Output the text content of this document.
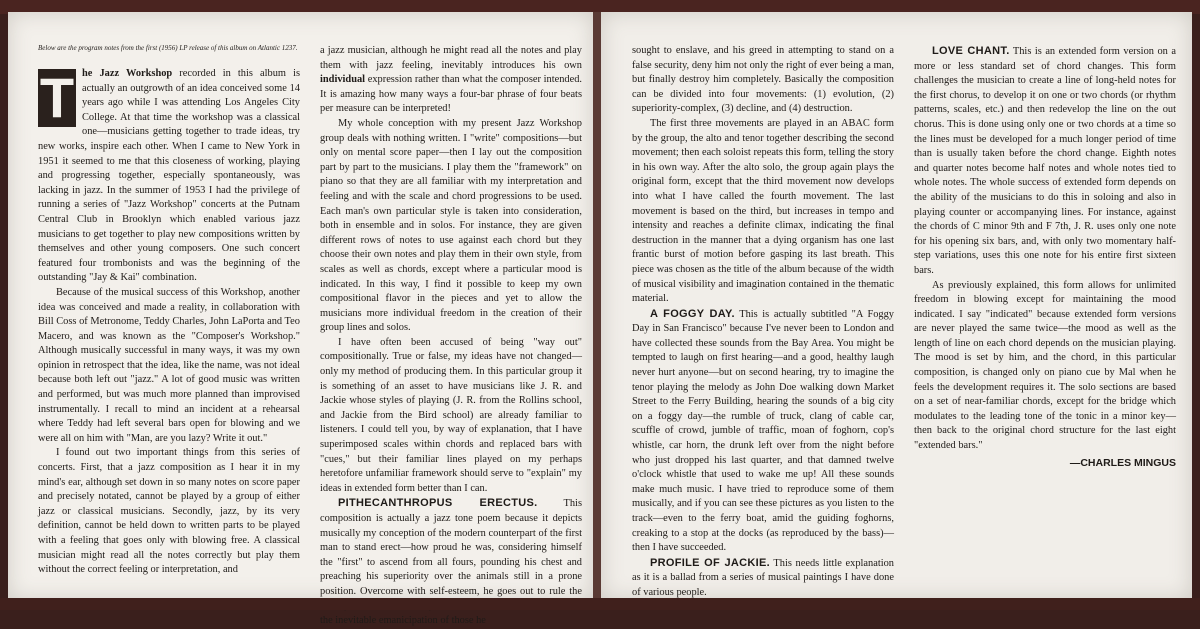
Below are the program notes from the first (1956) LP release of this album on Atlantic 1237.

T he Jazz Workshop recorded in this album is actually an outgrowth of an idea conceived some 14 years ago while I was attending Los Angeles City College. At that time the workshop was a classical one—musicians getting together to trade ideas, try new works, inspire each other. When I came to New York in 1951 it seemed to me that this closeness of working, playing and progressing together, especially spontaneously, was lacking in jazz. In the summer of 1953 I had the privilege of running a series of "Jazz Workshop" concerts at the Putnam Central Club in Brooklyn which enabled various jazz musicians to get together to play new compositions written by themselves and other young composers. One such concert featured four trombonists and was the beginning of the outstanding "Jay & Kai" combination.

Because of the musical success of this Workshop, another idea was conceived and made a reality, in collaboration with Bill Coss of Metronome, Teddy Charles, John LaPorta and Teo Macero, and was known as the "Composer's Workshop." Although musically successful in many ways, it was my own opinion in retrospect that the idea, like the name, was not ideal because both left out "jazz." A lot of good music was written and performed, but was much more planned than improvised instrumentally. I recall to mind an incident at a rehearsal where Teddy had left several bars open for blowing and we were all on him with "Man, are you lazy? Write it out."

I found out two important things from this series of concerts. First, that a jazz composition as I hear it in my mind's ear, although set down in so many notes on score paper and precisely notated, cannot be played by a group of either jazz or classical musicians. Secondly, jazz, by its very definition, cannot be held down to written parts to be played with a feeling that goes only with blowing free. A classical musician might read all the notes correctly but play them without the correct feeling or interpretation, and

a jazz musician, although he might read all the notes and play them with jazz feeling, inevitably introduces his own individual expression rather than what the composer intended. It is amazing how many ways a four-bar phrase of four beats per measure can be interpreted!

My whole conception with my present Jazz Workshop group deals with nothing written. I "write" compositions—but only on mental score paper—then I lay out the composition part by part to the musicians. I play them the "framework" on piano so that they are all familiar with my interpretation and feeling and with the scale and chord progressions to be used. Each man's own particular style is taken into consideration, both in ensemble and in solos. For instance, they are given different rows of notes to use against each chord but they choose their own notes and play them in their own style, from scales as well as chords, except where a particular mood is indicated. In this way, I find it possible to keep my own compositional flavor in the pieces and yet to allow the musicians more individual freedom in the creation of their group lines and solos.

I have often been accused of being "way out" compositionally. True or false, my ideas have not changed—only my method of producing them. In this particular group it is something of an asset to have musicians like J. R. and Jackie whose styles of playing (J. R. from the Rollins school, and Jackie from the Bird school) are already familiar to listeners. I could tell you, by way of explanation, that I have superimposed scales within chords and replaced bars with "cues," but their familiar lines played on my perhaps heretofore unfamiliar framework should serve to "explain" my ideas in extended form better than I can.

PITHECANTHROPUS ERECTUS.	This composition is actually a jazz tone poem because it depicts musically my conception of the modern counterpart of the first man to stand erect—how proud he was, considering himself the "first" to ascend from all fours, pounding his chest and preaching his superiority over the animals still in a prone position. Overcome with self-esteem, he goes out to rule the the inevitable emanicipation of those he

sought to enslave, and his greed in attempting to stand on a false security, deny him not only the right of ever being a man, but finally destroy him completely. Basically the composition can be divided into four movements: (1) evolution, (2) superiority-complex, (3) decline, and (4) destruction.

The first three movements are played in an ABAC form by the group, the alto and tenor together describing the second movement; then each soloist repeats this form, telling the story in his own way. After the alto solo, the group again plays the original form, except that the third movement now develops into what I have called the fourth movement. The last movement is based on the third, but increases in tempo and intensity and reaches a definite climax, indicating the final destruction in the manner that a dying organism has one last frantic burst of motion before gasping its last breath. This piece was chosen as the title of the album because of the width of musical visibility and imagination contained in the thematic material.

A FOGGY DAY. This is actually subtitled "A Foggy Day in San Francisco" because I've never been to London and have collected these sounds from the Bay Area. You might be tempted to laugh on first hearing—and a good, healthy laugh never hurt anyone—but on second hearing, try to imagine the tenor playing the melody as John Doe walking down Market Street to the Ferry Building, hearing the sounds of a big city on a foggy day—the rumble of truck, clang of cable car, scuffle of crowd, jumble of traffic, moan of foghorn, cop's whistle, car horn, the drunk left over from the night before who just dropped his last quarter, and that damned twelve o'clock whistle that used to wake me up! All these sounds make much music. I have tried to reproduce some of them musically, and if you can see these pictures as you listen to the track—even to the ferry boat, amid the guiding foghorns, creaking to a stop at the docks (as reproduced by the bass)—then I have succeeded.

PROFILE OF JACKIE. This needs little explanation as it is a ballad from a series of musical paintings I have done of various people.

LOVE CHANT. This is an extended form version on a more or less standard set of chord changes. This form challenges the musician to create a line of long-held notes for the first chorus, to develop it on one or two chords (or rhythm patterns, scales, etc.) and then redevelop the line on the out chorus. This is done using only one or two chords at a time so the lines must be developed for a much longer period of time than is usually taken before the chord change. Eighth notes and quarter notes become half notes and whole notes tied to whole notes. The whole success of extended form depends on the ability of the musicians to do this in soloing and also in playing counter or accompanying lines. For instance, against the chords of C minor 9th and F 7th, J. R. uses only one note for his opening six bars, and, with only two momentary half-step variations, uses this one note for his entire first sixteen bars.

As previously explained, this form allows for unlimited freedom in blowing except for maintaining the mood indicated. I say "indicated" because extended form versions are never played the same twice—the mood as well as the length of line on each chord depends on the musician playing. The mood is set by him, and the chord, in this particular composition, is changed only on piano cue by Mal when he feels the development requires it. The solo sections are based on a set of near-familiar chords, except for the bridge which modulates to the leading tone of the tonic in a minor key—then back to the original chord structure for the last eight "extended bars."

—CHARLES MINGUS
